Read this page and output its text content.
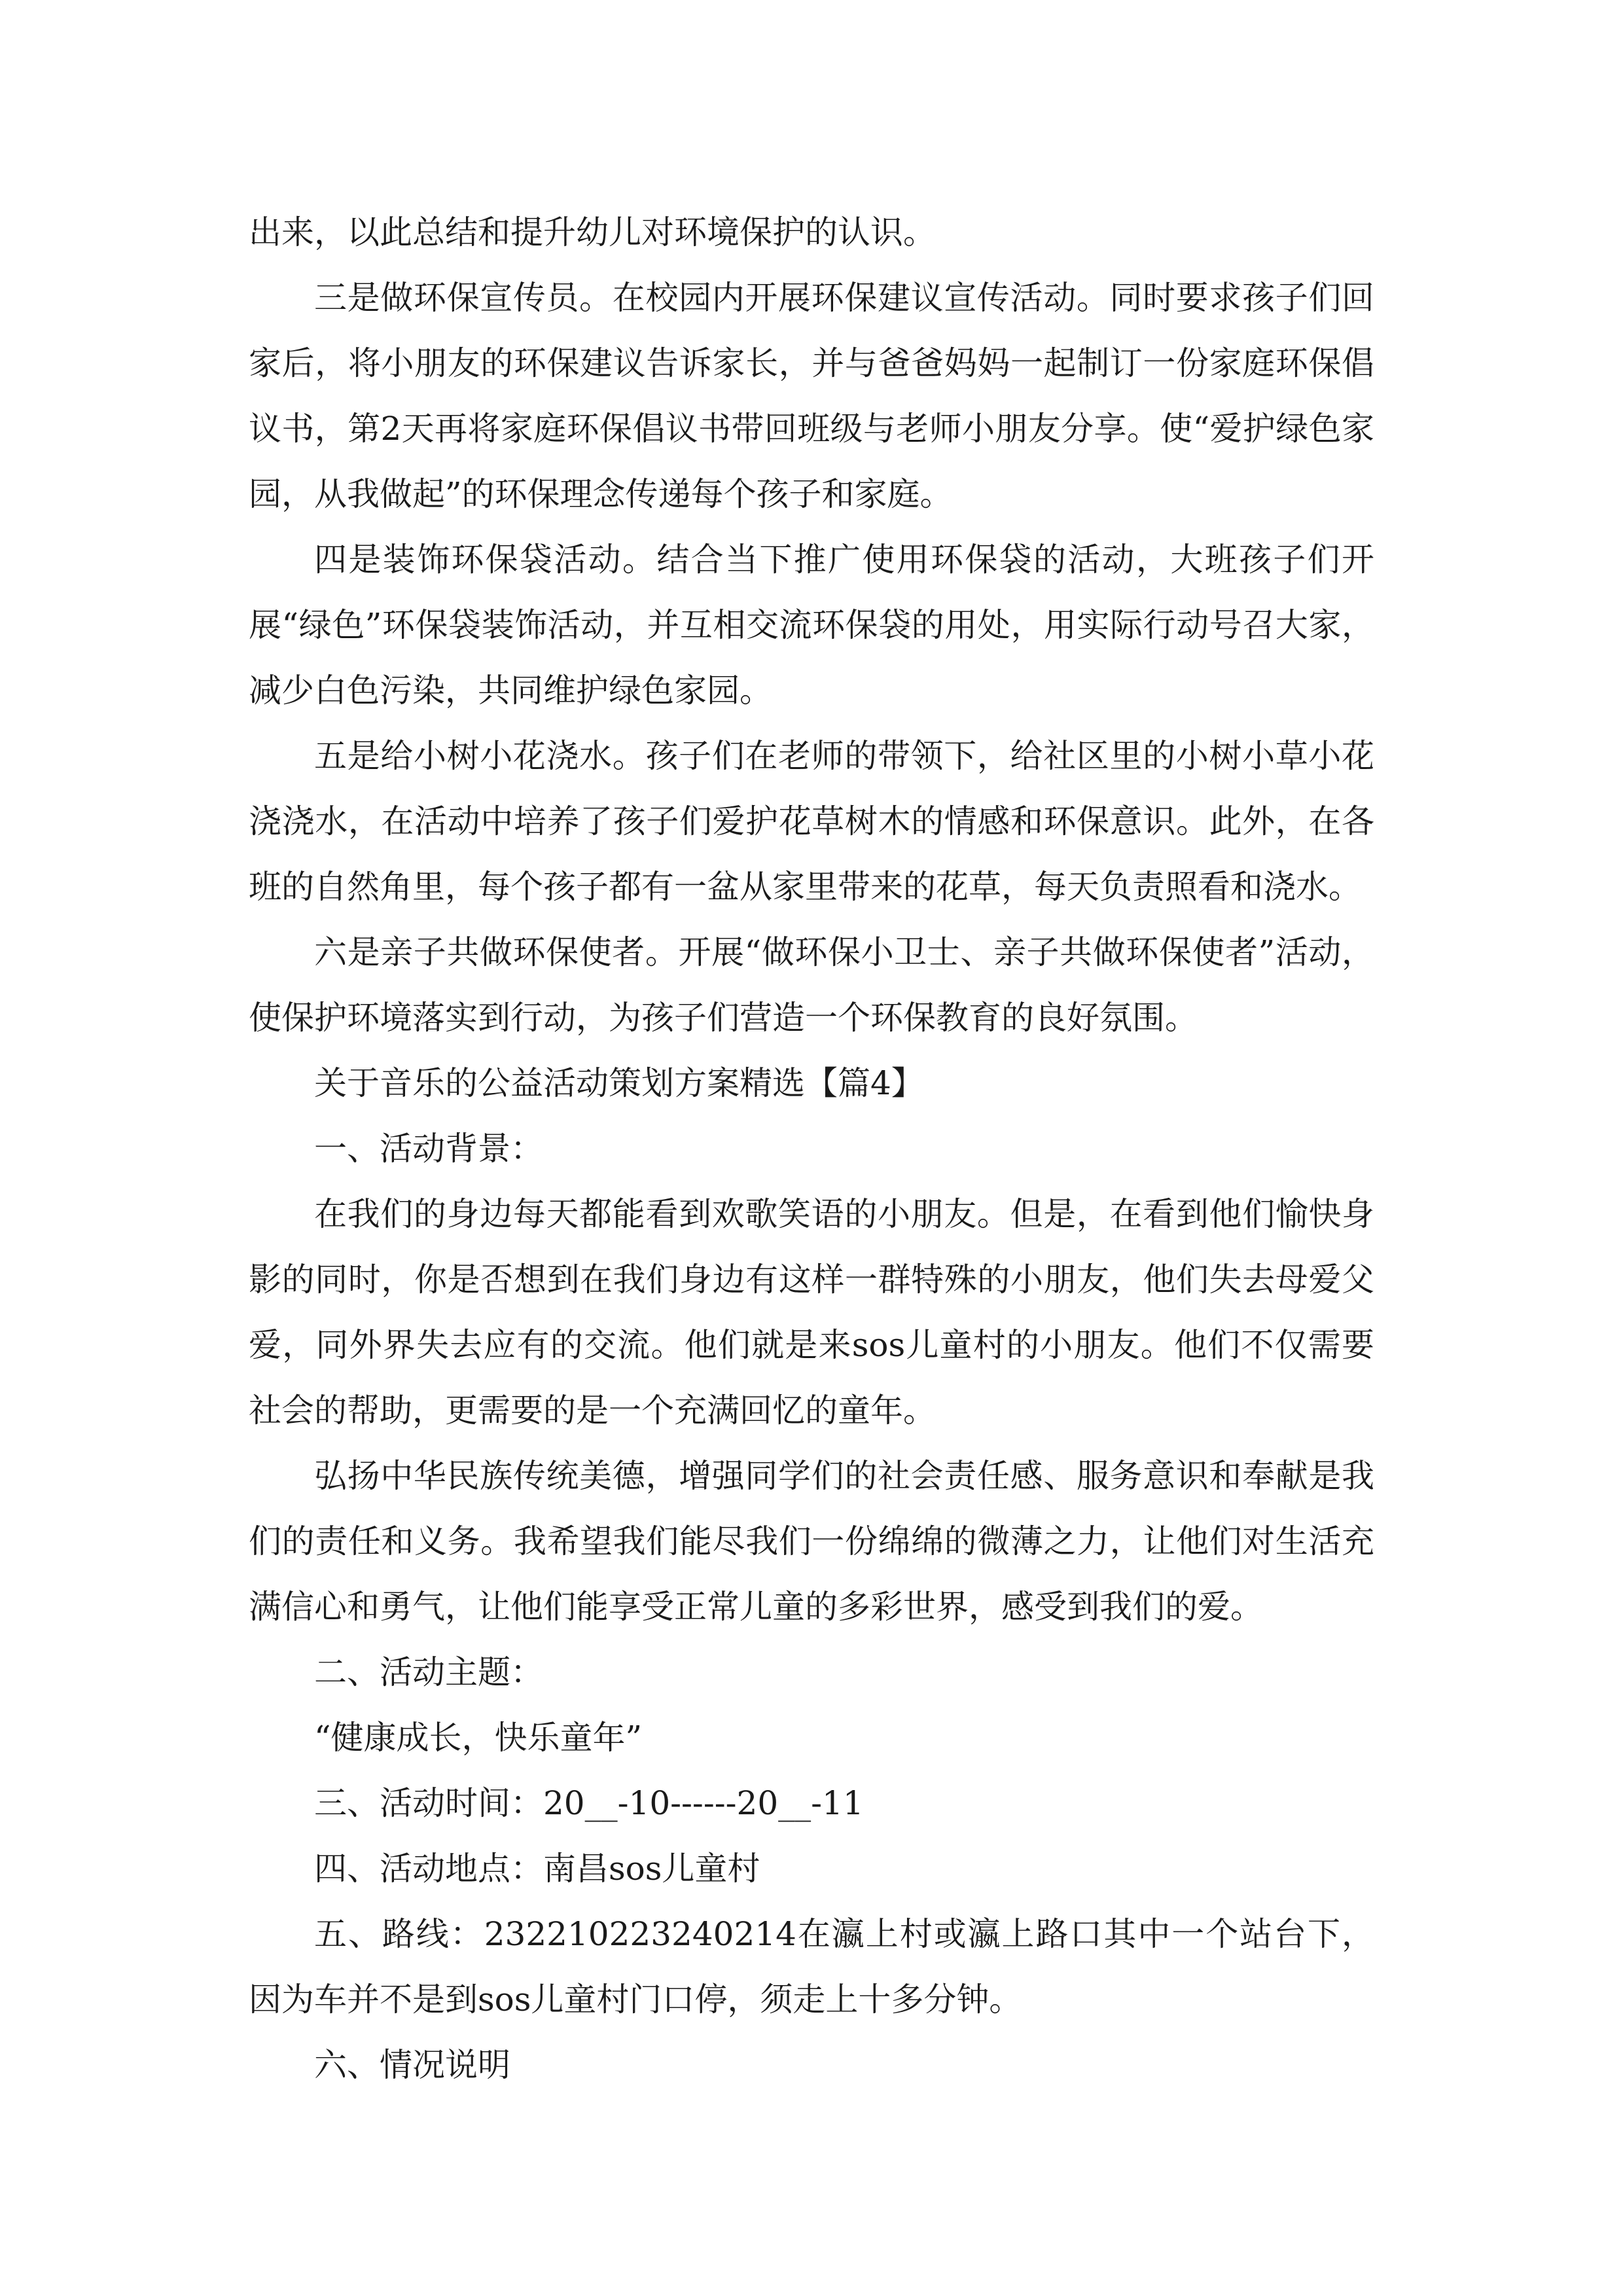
出来，以此总结和提升幼儿对环境保护的认识。

三是做环保宣传员。在校园内开展环保建议宣传活动。同时要求孩子们回家后，将小朋友的环保建议告诉家长，并与爸爸妈妈一起制订一份家庭环保倡议书，第2天再将家庭环保倡议书带回班级与老师小朋友分享。使“爱护绿色家园，从我做起”的环保理念传递每个孩子和家庭。

四是装饰环保袋活动。结合当下推广使用环保袋的活动，大班孩子们开展“绿色”环保袋装饰活动，并互相交流环保袋的用处，用实际行动号召大家，减少白色污染，共同维护绿色家园。

五是给小树小花浇水。孩子们在老师的带领下，给社区里的小树小草小花浇浇水，在活动中培养了孩子们爱护花草树木的情感和环保意识。此外，在各班的自然角里，每个孩子都有一盆从家里带来的花草，每天负责照看和浇水。

六是亲子共做环保使者。开展“做环保小卫士、亲子共做环保使者”活动，使保护环境落实到行动，为孩子们营造一个环保教育的良好氛围。

关于音乐的公益活动策划方案精选【篇4】

一、活动背景：

在我们的身边每天都能看到欢歌笑语的小朋友。但是，在看到他们愉快身影的同时，你是否想到在我们身边有这样一群特殊的小朋友，他们失去母爱父爱，同外界失去应有的交流。他们就是来sos儿童村的小朋友。他们不仅需要社会的帮助，更需要的是一个充满回忆的童年。

弘扬中华民族传统美德，增强同学们的社会责任感、服务意识和奉献是我们的责任和义务。我希望我们能尽我们一份绵绵的微薄之力，让他们对生活充满信心和勇气，让他们能享受正常儿童的多彩世界，感受到我们的爱。

二、活动主题：

“健康成长，快乐童年”

三、活动时间：20__-10------20__-11

四、活动地点：南昌sos儿童村

五、路线：232210223240214在瀛上村或瀛上路口其中一个站台下，因为车并不是到sos儿童村门口停，须走上十多分钟。

六、情况说明
